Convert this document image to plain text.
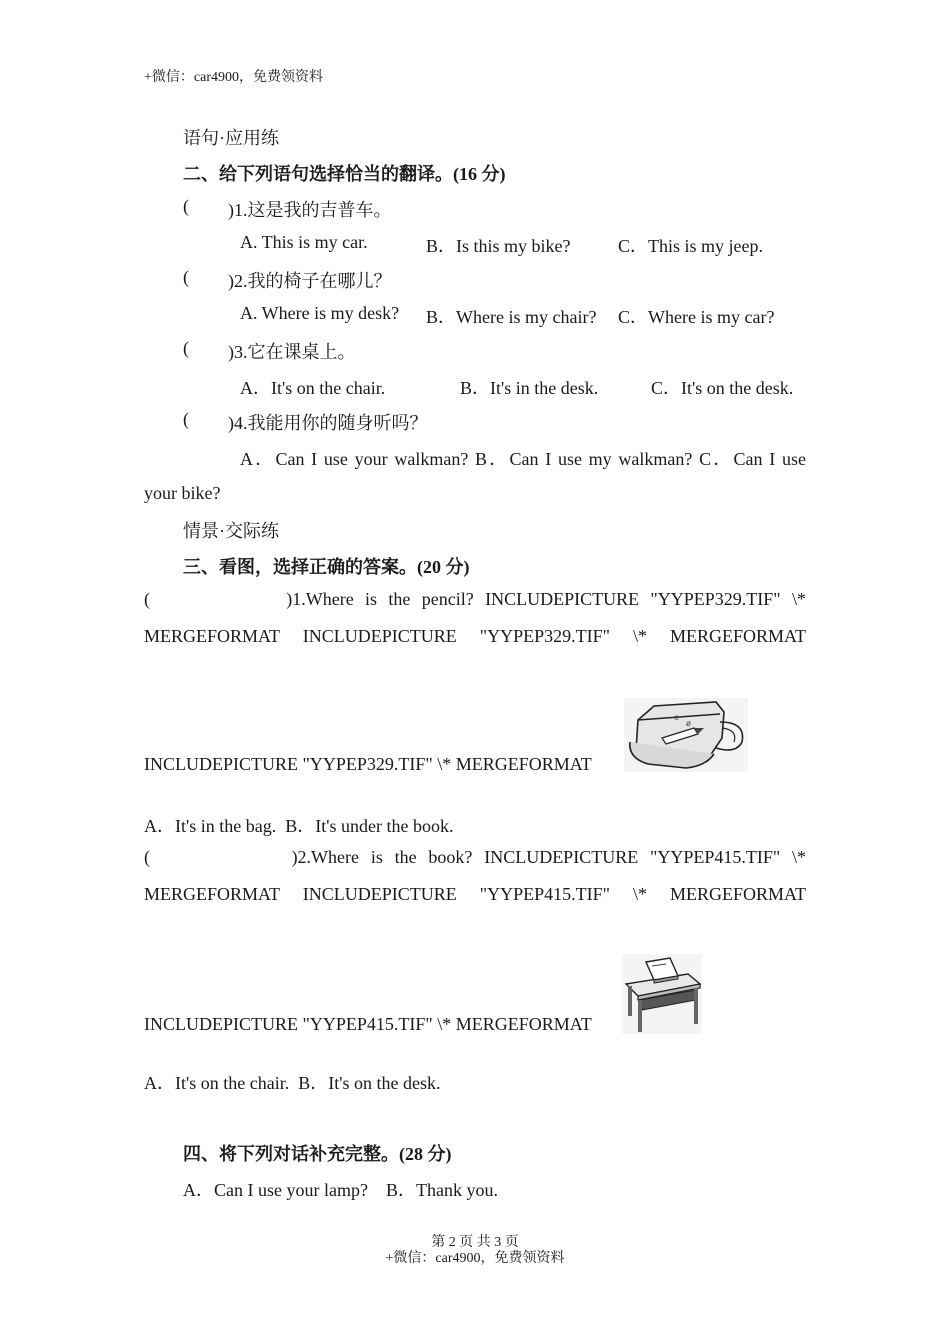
+微信：car4900，免费领资料
语句·应用练
二、给下列语句选择恰当的翻译。(16 分)
( )1.这是我的吉普车。
A. This is my car.	B．Is this my bike?	C．This is my jeep.
( )2.我的椅子在哪儿？
A. Where is my desk? B．Where is my chair? C．Where is my car?
( )3.它在课桌上。
A．It's on the chair.	B．It's in the desk.	C．It's on the desk.
( )4.我能用你的随身听吗？
A．Can I use your walkman? B．Can I use my walkman? C．Can I use
your bike?
情景·交际练
三、看图，选择正确的答案。(20 分)
(            )1.Where is the pencil? INCLUDEPICTURE "YYPEP329.TIF" \*
MERGEFORMAT INCLUDEPICTURE "YYPEP329.TIF" \* MERGEFORMAT
INCLUDEPICTURE "YYPEP329.TIF" \* MERGEFORMAT
o
ø
A．It's in the bag.  B．It's under the book.
(            )2.Where is the book? INCLUDEPICTURE "YYPEP415.TIF" \*
MERGEFORMAT INCLUDEPICTURE "YYPEP415.TIF" \* MERGEFORMAT
INCLUDEPICTURE "YYPEP415.TIF" \* MERGEFORMAT
A．It's on the chair.  B．It's on the desk.
四、将下列对话补充完整。(28 分)
A．Can I use your lamp?    B．Thank you.
第 2 页 共 3 页
+微信：car4900，免费领资料
